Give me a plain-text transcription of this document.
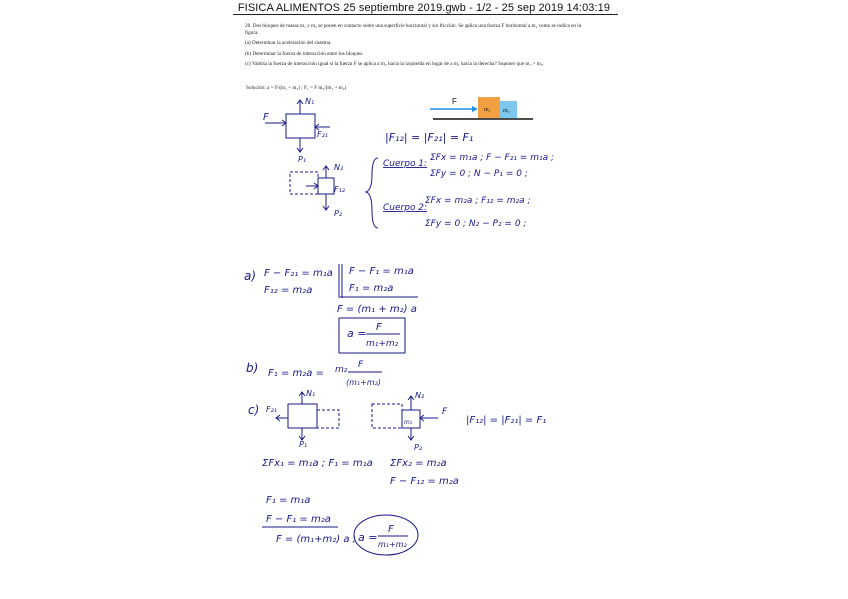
FISICA ALIMENTOS 25 septiembre 2019.gwb - 1/2 - 25 sep 2019 14:03:19

20. Dos bloques de masas m₁ y m₂ se ponen en contacto sobre una superficie horizontal y sin fricción. Se aplica una fuerza F horizontal a m₁ como se indica en la figura.

(a) Determinar la aceleración del sistema.

(b) Determinar la fuerza de interacción entre los bloques.

(c) Valdría la fuerza de interacción igual si la fuerza F se aplica a m₂ hacia la izquierda en lugar de a m₁ hacia la derecha? Suponer que m₁ > m₂.

Solución: a = F/(m₁ + m₂) ; F₁ = F m₂/(m₁ + m₂)
F
m₁ m₂
F
N₁
F₂₁
P₁
N₂
F₁₂
P₂
|F₁₂| = |F₂₁| = F₁
Cuerpo 1:
ΣFx = m₁a ; F − F₂₁ = m₁a ;
ΣFy = 0 ; N − P₁ = 0 ;
Cuerpo 2:
ΣFx = m₂a ; F₁₂ = m₂a ;
ΣFy = 0 ; N₂ − P₂ = 0 ;
a) F − F₂₁ = m₁a
F₁₂ = m₂a
F − F₁ = m₁a
F₁ = m₂a
F = (m₁ + m₂) a
a = F
m₁+m₂
b) F₁ = m₂a = m₂ F
(m₁+m₂)
c) F₂₁
N₁
P₁
F
N₂
m₂
P₂
|F₁₂| = |F₂₁| = F₁
ΣFx₁ = m₁a ; F₁ = m₁a ΣFx₂ = m₂a
F − F₁₂ = m₂a
F₁ = m₁a
F − F₁ = m₂a
F = (m₁+m₂) a ; a =
F
m₁+m₂
